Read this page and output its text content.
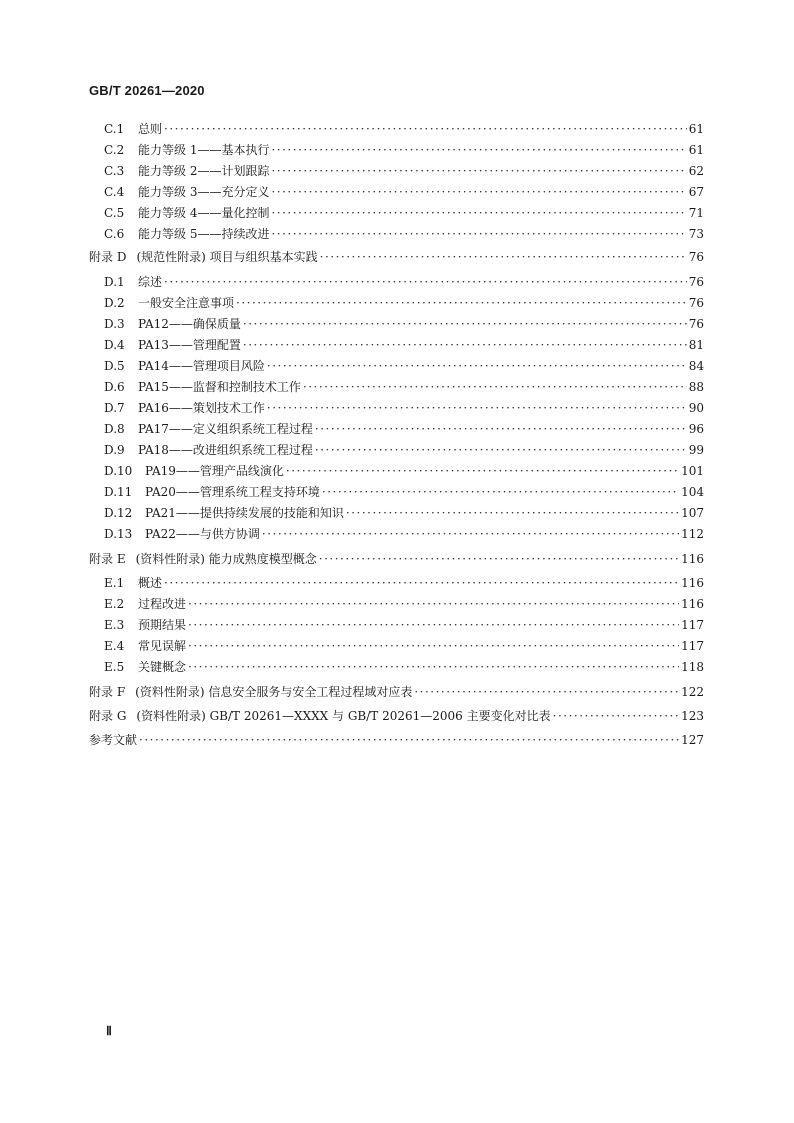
GB/T 20261—2020
C.1	总则 ·····	61
C.2	能力等级 1——基本执行 ·····	61
C.3	能力等级 2——计划跟踪 ·····	62
C.4	能力等级 3——充分定义 ·····	67
C.5	能力等级 4——量化控制 ·····	71
C.6	能力等级 5——持续改进 ·····	73
附录 D (规范性附录) 项目与组织基本实践 ·····	76
D.1	综述 ·····	76
D.2	一般安全注意事项 ·····	76
D.3	PA12——确保质量 ·····	76
D.4	PA13——管理配置 ·····	81
D.5	PA14——管理项目风险 ·····	84
D.6	PA15——监督和控制技术工作 ·····	88
D.7	PA16——策划技术工作 ·····	90
D.8	PA17——定义组织系统工程过程 ·····	96
D.9	PA18——改进组织系统工程过程 ·····	99
D.10	PA19——管理产品线演化 ·····	101
D.11	PA20——管理系统工程支持环境 ·····	104
D.12	PA21——提供持续发展的技能和知识 ·····	107
D.13	PA22——与供方协调 ·····	112
附录 E (资料性附录) 能力成熟度模型概念 ·····	116
E.1	概述 ·····	116
E.2	过程改进 ·····	116
E.3	预期结果 ·····	117
E.4	常见误解 ·····	117
E.5	关键概念 ·····	118
附录 F (资料性附录) 信息安全服务与安全工程过程域对应表 ·····	122
附录 G (资料性附录) GB/T 20261—XXXX 与 GB/T 20261—2006 主要变化对比表 ·····	123
参考文献 ·····	127
Ⅱ
